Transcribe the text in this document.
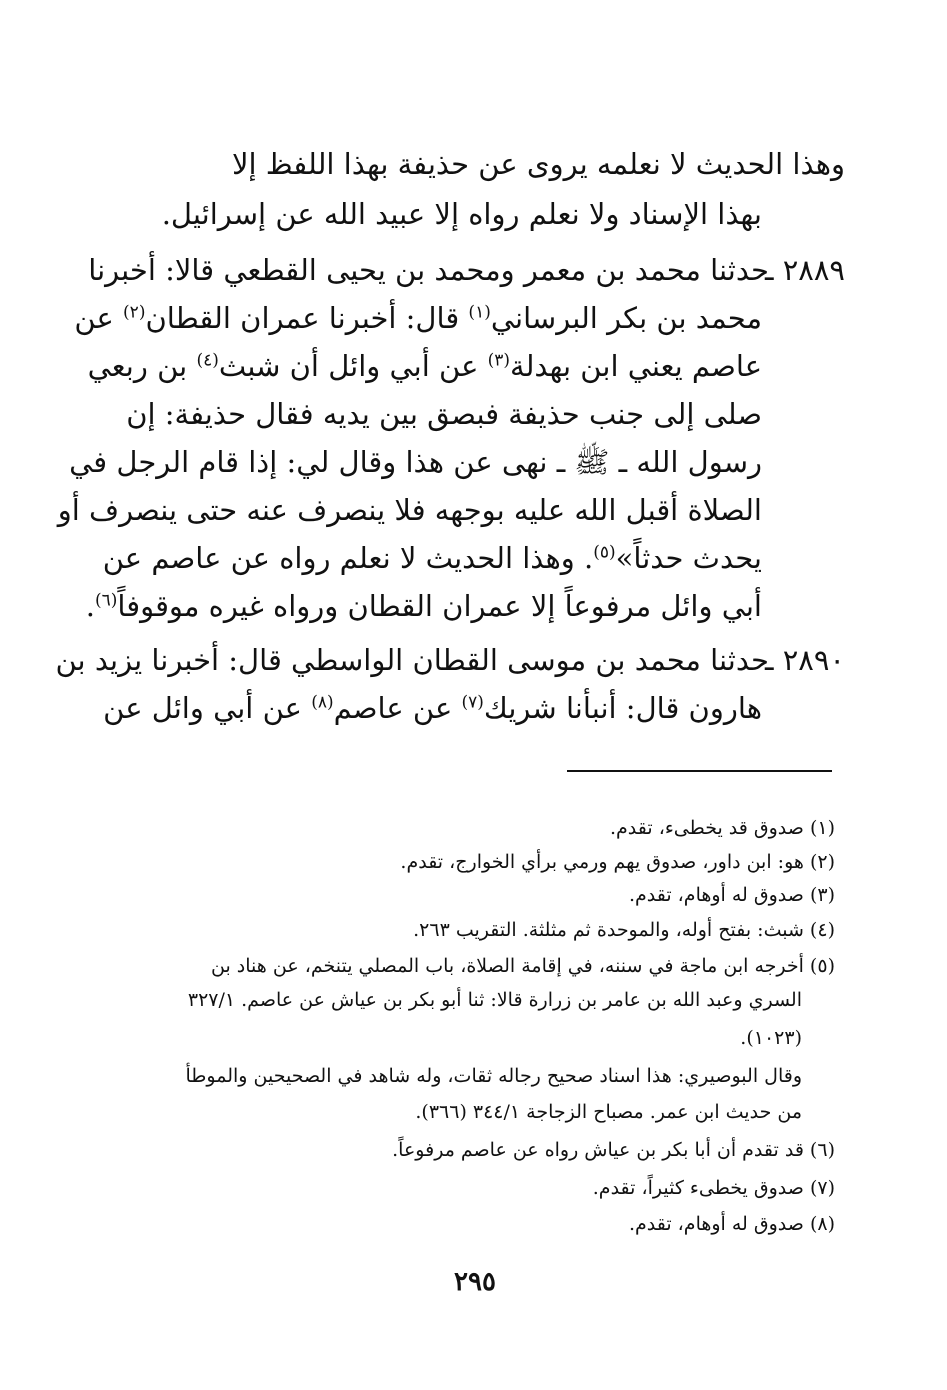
وهذا الحديث لا نعلمه يروى عن حذيفة بهذا اللفظ إلا
بهذا الإسناد ولا نعلم رواه إلا عبيد الله عن إسرائيل.
٢٨٨٩ ـ
حدثنا محمد بن معمر ومحمد بن يحيى القطعي قالا: أخبرنا
محمد بن بكر البرساني$^{(١)}$ قال: أخبرنا عمران القطان$^{(٢)}$ عن
عاصم يعني ابن بهدلة$^{(٣)}$ عن أبي وائل أن شبث$^{(٤)}$ بن ربعي
صلى إلى جنب حذيفة فبصق بين يديه فقال حذيفة: إن
رسول الله ـ ﷺ ـ نهى عن هذا وقال لي: إذا قام الرجل في
الصلاة أقبل الله عليه بوجهه فلا ينصرف عنه حتى ينصرف أو
يحدث حدثاً»$^{(٥)}$. وهذا الحديث لا نعلم رواه عن عاصم عن
أبي وائل مرفوعاً إلا عمران القطان ورواه غيره موقوفاً$^{(٦)}$.
٢٨٩٠ ـ
حدثنا محمد بن موسى القطان الواسطي قال: أخبرنا يزيد بن
هارون قال: أنبأنا شريك$^{(٧)}$ عن عاصم$^{(٨)}$ عن أبي وائل عن
(١) صدوق قد يخطىء، تقدم.
(٢) هو: ابن داور، صدوق يهم ورمي برأي الخوارج، تقدم.
(٣) صدوق له أوهام، تقدم.
(٤) شبث: بفتح أوله، والموحدة ثم مثلثة. التقريب ٢٦٣.
(٥) أخرجه ابن ماجة في سننه، في إقامة الصلاة، باب المصلي يتنخم، عن هناد بن
السري وعبد الله بن عامر بن زرارة قالا: ثنا أبو بكر بن عياش عن عاصم. ٣٢٧/١
(١٠٢٣).
وقال البوصيري: هذا اسناد صحيح رجاله ثقات، وله شاهد في الصحيحين والموطأ
من حديث ابن عمر. مصباح الزجاجة ٣٤٤/١ (٣٦٦).
(٦) قد تقدم أن أبا بكر بن عياش رواه عن عاصم مرفوعاً.
(٧) صدوق يخطىء كثيراً، تقدم.
(٨) صدوق له أوهام، تقدم.
٢٩٥
